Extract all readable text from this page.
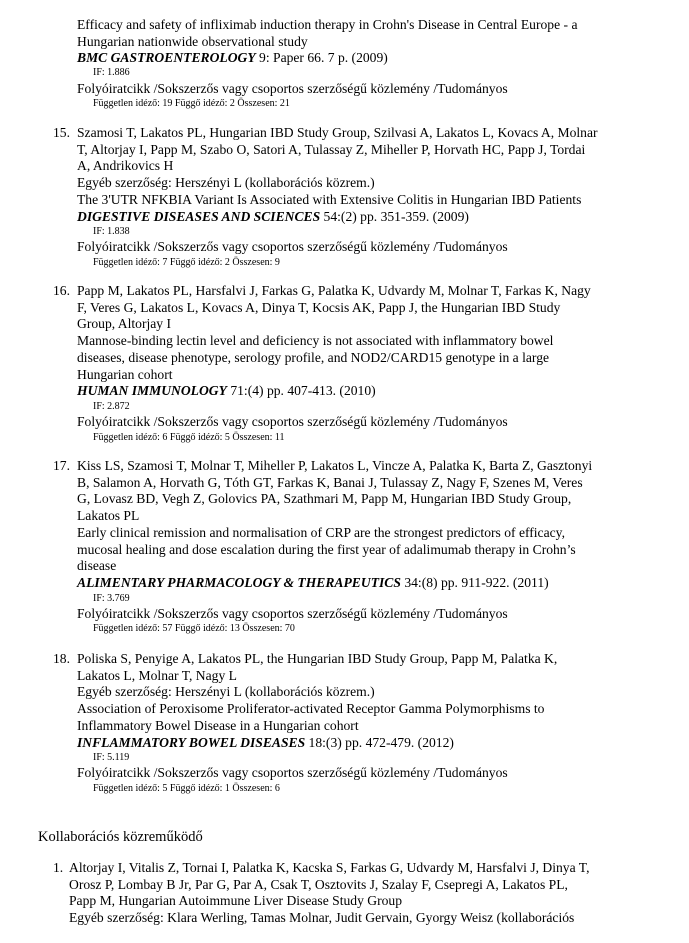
Efficacy and safety of infliximab induction therapy in Crohn's Disease in Central Europe - a
Hungarian nationwide observational study
BMC GASTROENTEROLOGY 9: Paper 66. 7 p. (2009)
IF: 1.886
Folyóiratcikk /Sokszerzős vagy csoportos szerzőségű közlemény /Tudományos
Független idéző: 19 Függő idéző: 2 Összesen: 21
15. Szamosi T, Lakatos PL, Hungarian IBD Study Group, Szilvasi A, Lakatos L, Kovacs A, Molnar
T, Altorjay I, Papp M, Szabo O, Satori A, Tulassay Z, Miheller P, Horvath HC, Papp J, Tordai
A, Andrikovics H
Egyéb szerzőség: Herszényi L (kollaborációs közrem.)
The 3'UTR NFKBIA Variant Is Associated with Extensive Colitis in Hungarian IBD Patients
DIGESTIVE DISEASES AND SCIENCES 54:(2) pp. 351-359. (2009)
IF: 1.838
Folyóiratcikk /Sokszerzős vagy csoportos szerzőségű közlemény /Tudományos
Független idéző: 7 Függő idéző: 2 Összesen: 9
16. Papp M, Lakatos PL, Harsfalvi J, Farkas G, Palatka K, Udvardy M, Molnar T, Farkas K, Nagy
F, Veres G, Lakatos L, Kovacs A, Dinya T, Kocsis AK, Papp J, the Hungarian IBD Study
Group, Altorjay I
Mannose-binding lectin level and deficiency is not associated with inflammatory bowel
diseases, disease phenotype, serology profile, and NOD2/CARD15 genotype in a large
Hungarian cohort
HUMAN IMMUNOLOGY 71:(4) pp. 407-413. (2010)
IF: 2.872
Folyóiratcikk /Sokszerzős vagy csoportos szerzőségű közlemény /Tudományos
Független idéző: 6 Függő idéző: 5 Összesen: 11
17. Kiss LS, Szamosi T, Molnar T, Miheller P, Lakatos L, Vincze A, Palatka K, Barta Z, Gasztonyi
B, Salamon A, Horvath G, Tóth GT, Farkas K, Banai J, Tulassay Z, Nagy F, Szenes M, Veres
G, Lovasz BD, Vegh Z, Golovics PA, Szathmari M, Papp M, Hungarian IBD Study Group,
Lakatos PL
Early clinical remission and normalisation of CRP are the strongest predictors of efficacy,
mucosal healing and dose escalation during the first year of adalimumab therapy in Crohn’s
disease
ALIMENTARY PHARMACOLOGY & THERAPEUTICS 34:(8) pp. 911-922. (2011)
IF: 3.769
Folyóiratcikk /Sokszerzős vagy csoportos szerzőségű közlemény /Tudományos
Független idéző: 57 Függő idéző: 13 Összesen: 70
18. Poliska S, Penyige A, Lakatos PL, the Hungarian IBD Study Group, Papp M, Palatka K,
Lakatos L, Molnar T, Nagy L
Egyéb szerzőség: Herszényi L (kollaborációs közrem.)
Association of Peroxisome Proliferator-activated Receptor Gamma Polymorphisms to
Inflammatory Bowel Disease in a Hungarian cohort
INFLAMMATORY BOWEL DISEASES 18:(3) pp. 472-479. (2012)
IF: 5.119
Folyóiratcikk /Sokszerzős vagy csoportos szerzőségű közlemény /Tudományos
Független idéző: 5 Függő idéző: 1 Összesen: 6
Kollaborációs közreműködő
1. Altorjay I, Vitalis Z, Tornai I, Palatka K, Kacska S, Farkas G, Udvardy M, Harsfalvi J, Dinya T,
Orosz P, Lombay B Jr, Par G, Par A, Csak T, Osztovits J, Szalay F, Csepregi A, Lakatos PL,
Papp M, Hungarian Autoimmune Liver Disease Study Group
Egyéb szerzőség: Klara Werling, Tamas Molnar, Judit Gervain, Gyorgy Weisz (kollaborációs
